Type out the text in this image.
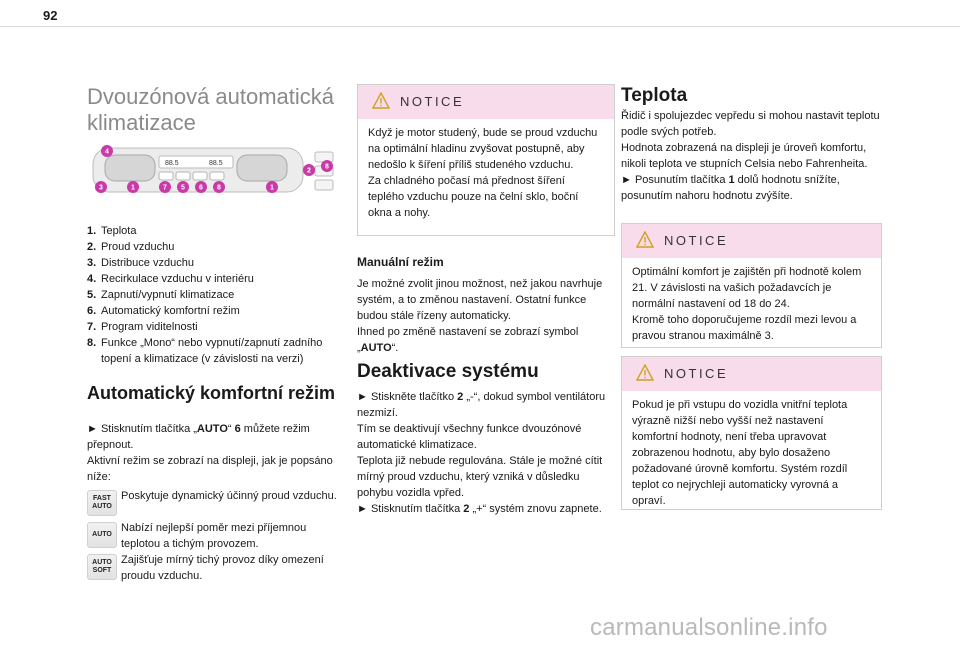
92
Dvouzónová automatická klimatizace
88.5	88.5
4
2
8
3	1	7 5 6 8	1
1. Teplota
2. Proud vzduchu
3. Distribuce vzduchu
4. Recirkulace vzduchu v interiéru
5. Zapnutí/vypnutí klimatizace
6. Automatický komfortní režim
7. Program viditelnosti
8. Funkce „Mono“ nebo vypnutí/zapnutí zadního topení a klimatizace (v závislosti na verzi)
Automatický komfortní režim
► Stisknutím tlačítka „AUTO“ 6 můžete režim přepnout.
Aktivní režim se zobrazí na displeji, jak je popsáno níže:
FAST
AUTO
Poskytuje dynamický účinný proud vzduchu.
AUTO
Nabízí nejlepší poměr mezi příjemnou teplotou a tichým provozem.
AUTO
SOFT
Zajišťuje mírný tichý provoz díky omezení proudu vzduchu.
NOTICE
Když je motor studený, bude se proud vzduchu na optimální hladinu zvyšovat postupně, aby nedošlo k šíření příliš studeného vzduchu.
Za chladného počasí má přednost šíření teplého vzduchu pouze na čelní sklo, boční okna a nohy.
Manuální režim
Je možné zvolit jinou možnost, než jakou navrhuje systém, a to změnou nastavení. Ostatní funkce budou stále řízeny automaticky.
Ihned po změně nastavení se zobrazí symbol „AUTO“.
Deaktivace systému
► Stiskněte tlačítko 2 „-“, dokud symbol ventilátoru nezmizí.
Tím se deaktivují všechny funkce dvouzónové automatické klimatizace.
Teplota již nebude regulována. Stále je možné cítit mírný proud vzduchu, který vzniká v důsledku pohybu vozidla vpřed.
► Stisknutím tlačítka 2 „+“ systém znovu zapnete.
Teplota
Řidič i spolujezdec vepředu si mohou nastavit teplotu podle svých potřeb.
Hodnota zobrazená na displeji je úroveň komfortu, nikoli teplota ve stupních Celsia nebo Fahrenheita.
► Posunutím tlačítka 1 dolů hodnotu snížíte, posunutím nahoru hodnotu zvýšíte.
NOTICE
Optimální komfort je zajištěn při hodnotě kolem 21. V závislosti na vašich požadavcích je normální nastavení od 18 do 24.
Kromě toho doporučujeme rozdíl mezi levou a pravou stranou maximálně 3.
NOTICE
Pokud je při vstupu do vozidla vnitřní teplota výrazně nižší nebo vyšší než nastavení komfortní hodnoty, není třeba upravovat zobrazenou hodnotu, aby bylo dosaženo požadované úrovně komfortu. Systém rozdíl teplot co nejrychleji automaticky vyrovná a opraví.
carmanualsonline.info
